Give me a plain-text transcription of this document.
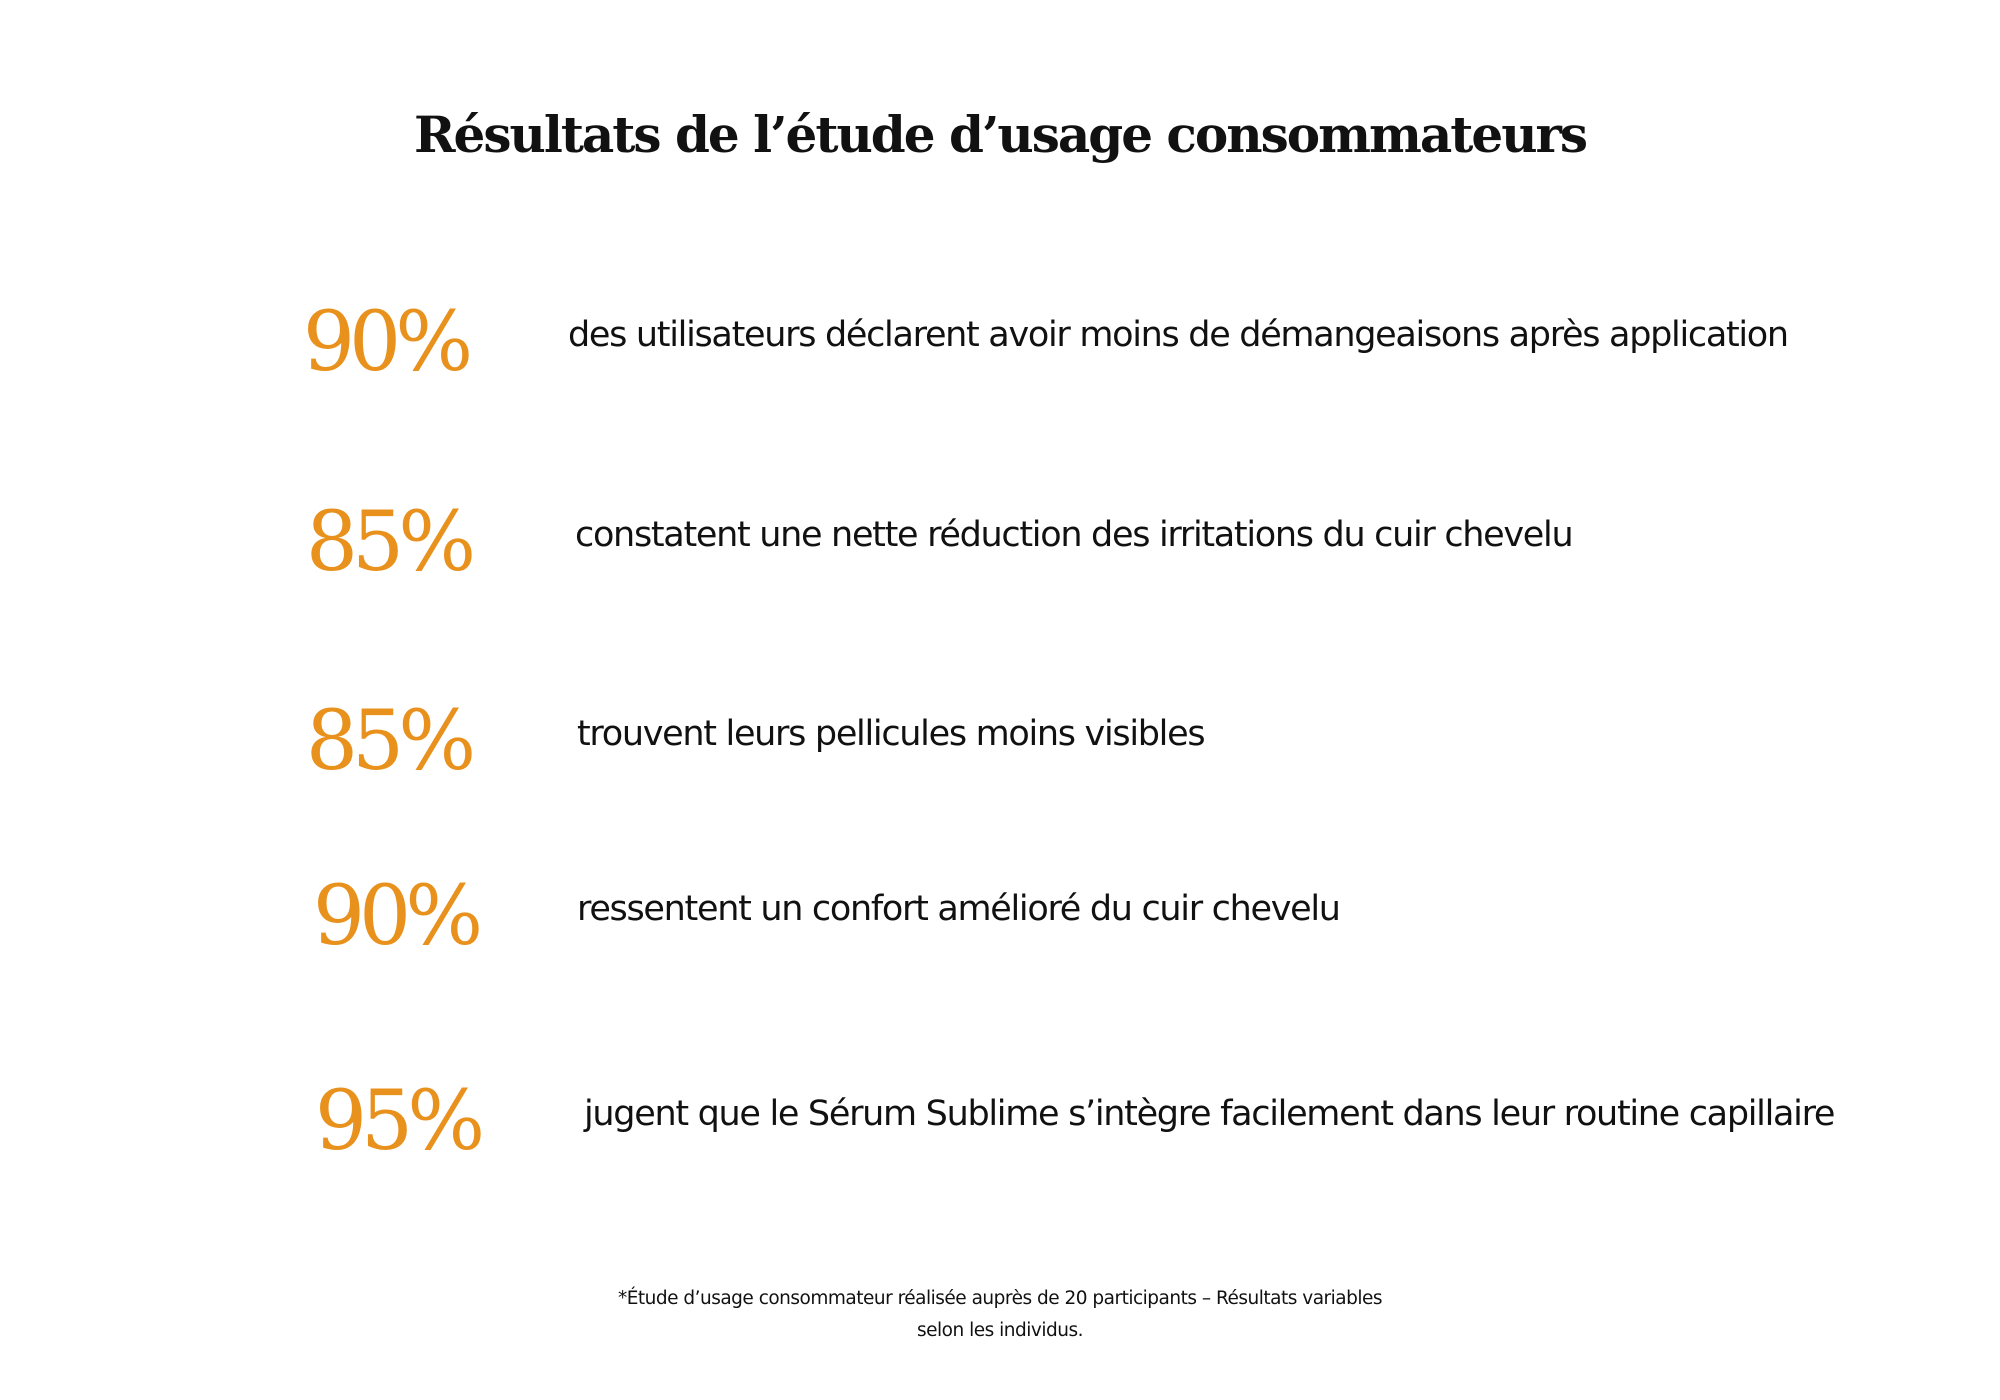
Résultats de l’étude d’usage consommateurs
90%	des utilisateurs déclarent avoir moins de démangeaisons après application
85%	constatent une nette réduction des irritations du cuir chevelu
85%	trouvent leurs pellicules moins visibles
90%	ressentent un confort amélioré du cuir chevelu
95%	jugent que le Sérum Sublime s’intègre facilement dans leur routine capillaire
*Étude d’usage consommateur réalisée auprès de 20 participants – Résultats variables
selon les individus.
